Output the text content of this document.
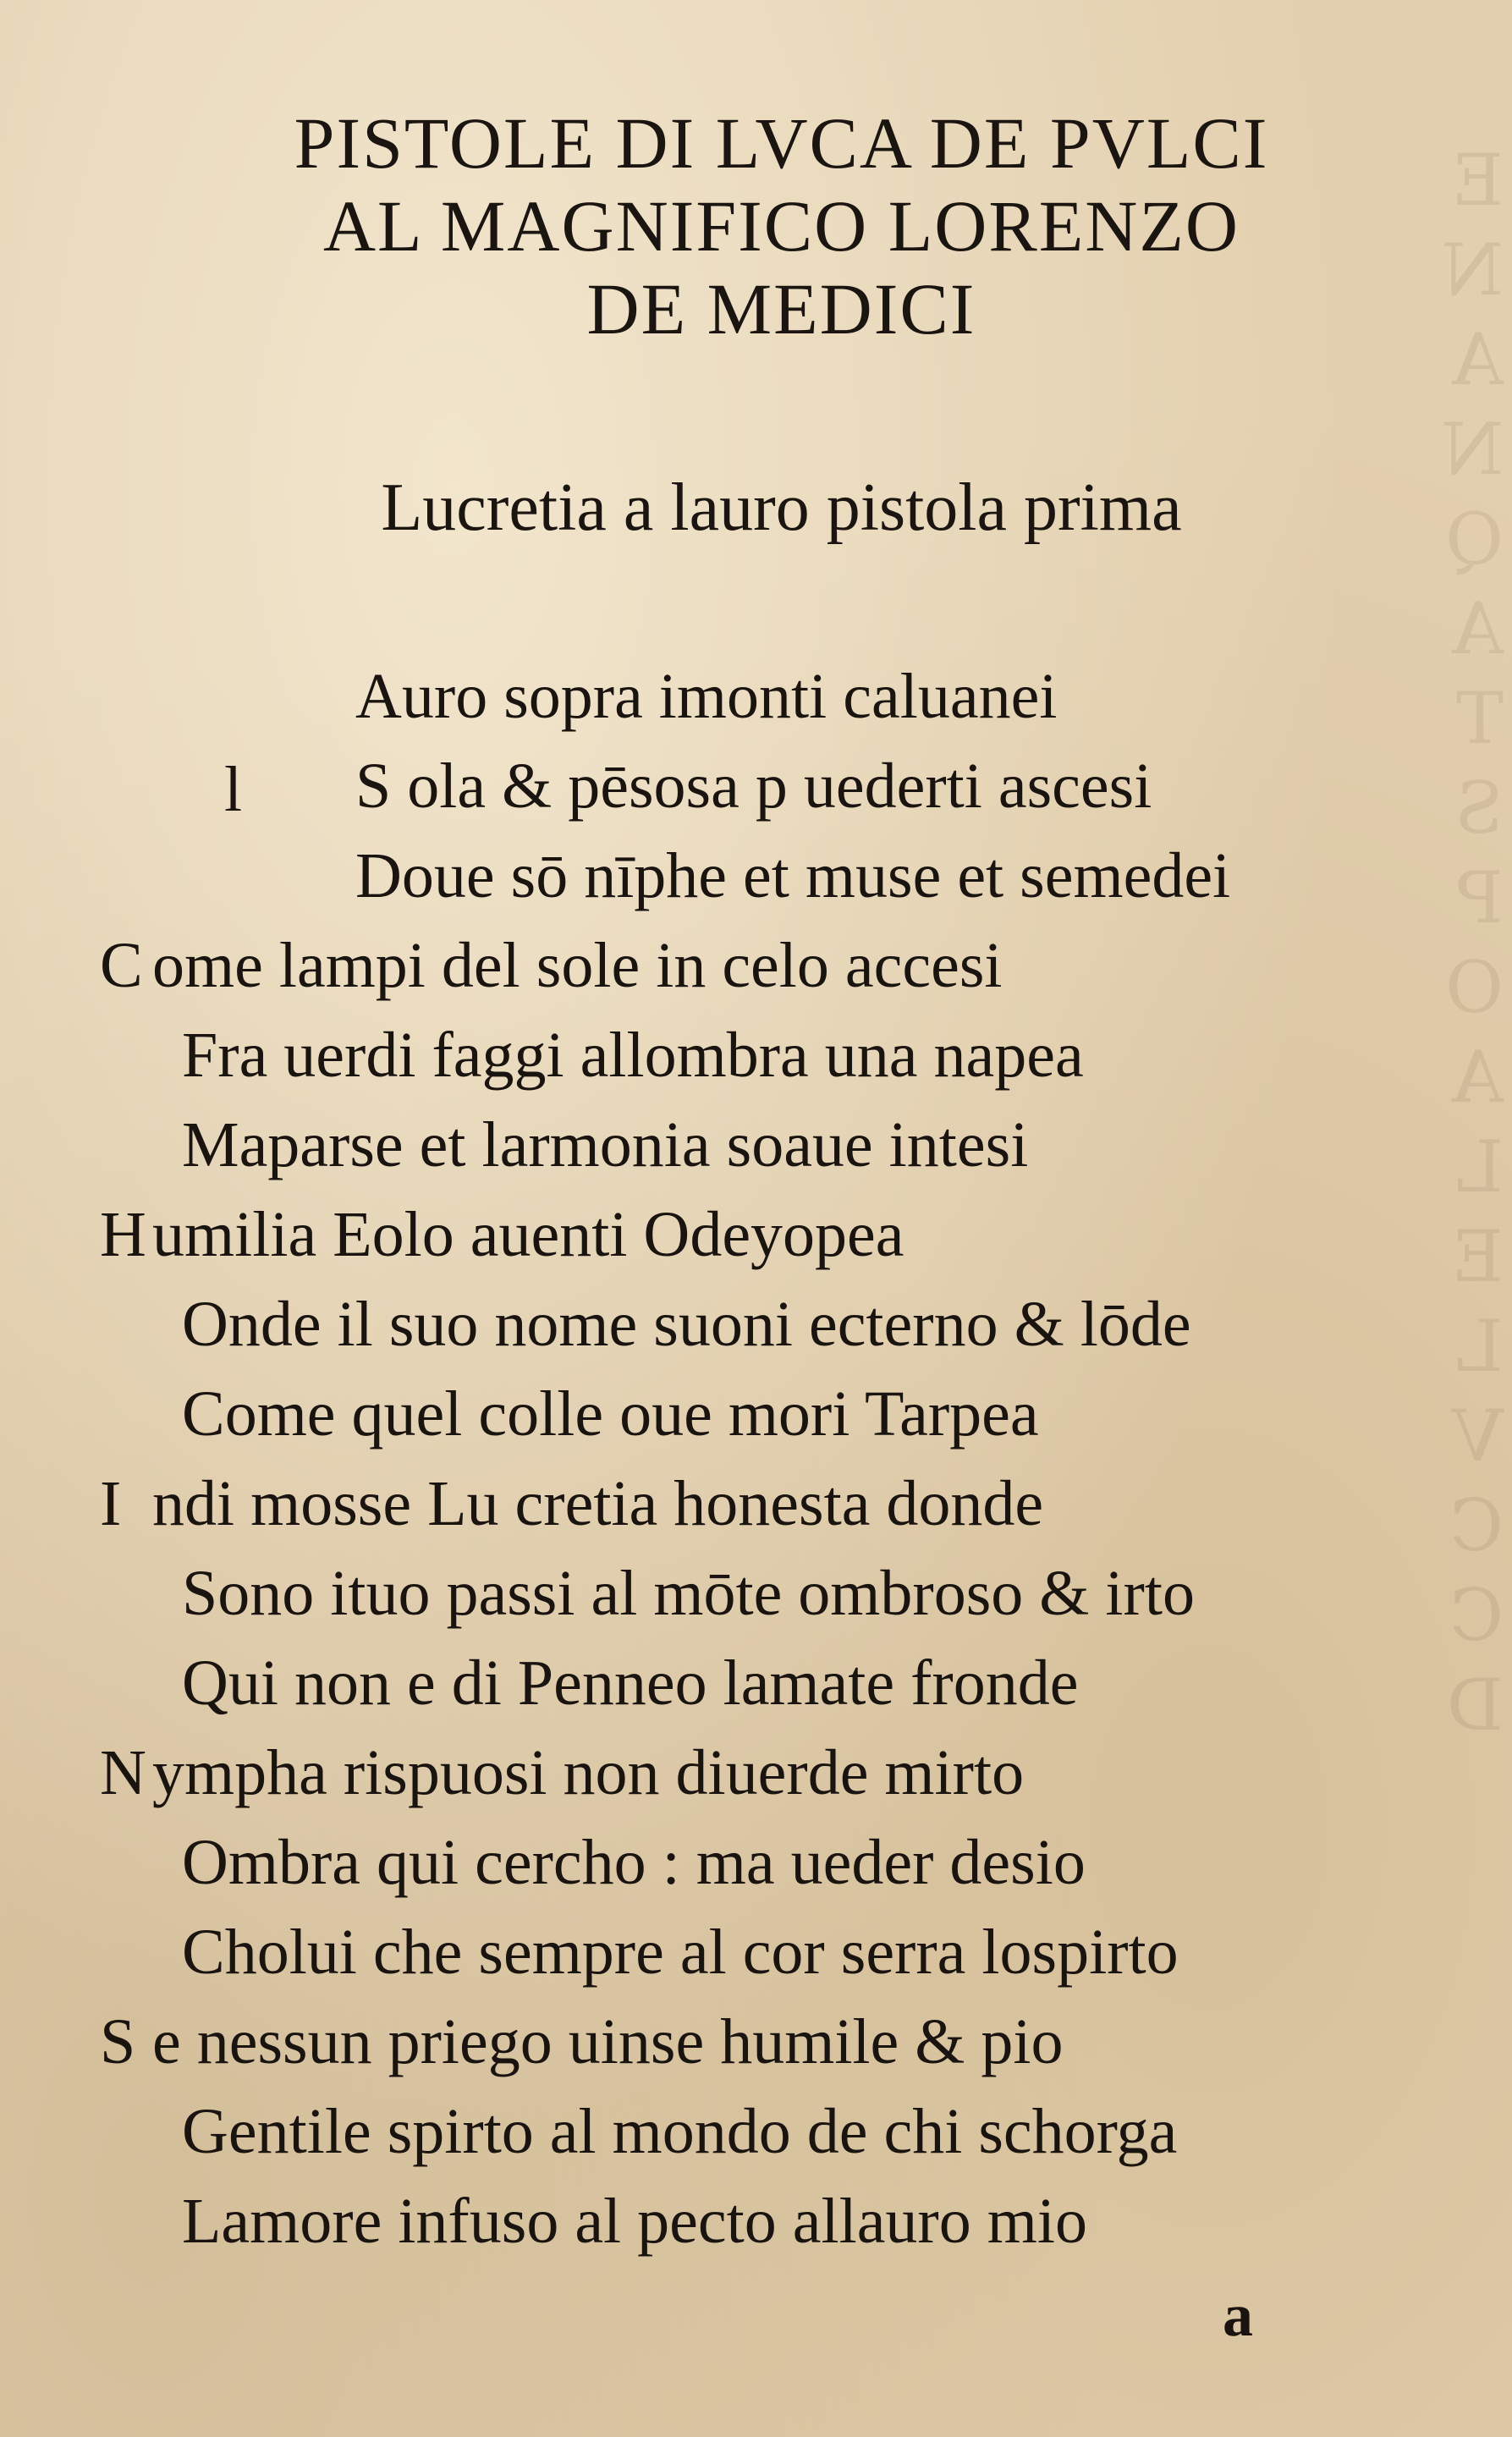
E
N
A
N
Q
A
T
S
P
O
A
L
E
L
V
C
C
D
PISTOLE DI LVCA DE PVLCI
AL MAGNIFICO LORENZO
DE MEDICI
Lucretia a lauro pistola prima
l
Auro sopra imonti caluanei
S ola & pēsosa p uederti ascesi
Doue sō nīphe et muse et semedei
C ome lampi del sole in celo accesi
Fra uerdi faggi allombra una napea
Maparse et larmonia soaue intesi
H umilia Eolo auenti Odeyopea
Onde il suo nome suoni ecterno & lōde
Come quel colle oue mori Tarpea
I ndi mosse Lu cretia honesta donde
Sono ituo passi al mōte ombroso & irto
Qui non e di Penneo lamate fronde
N ympha rispuosi non diuerde mirto
Ombra qui cercho : ma ueder desio
Cholui che sempre al cor serra lospirto
S e nessun priego uinse humile & pio
Gentile spirto al mondo de chi schorga
Lamore infuso al pecto allauro mio
a
